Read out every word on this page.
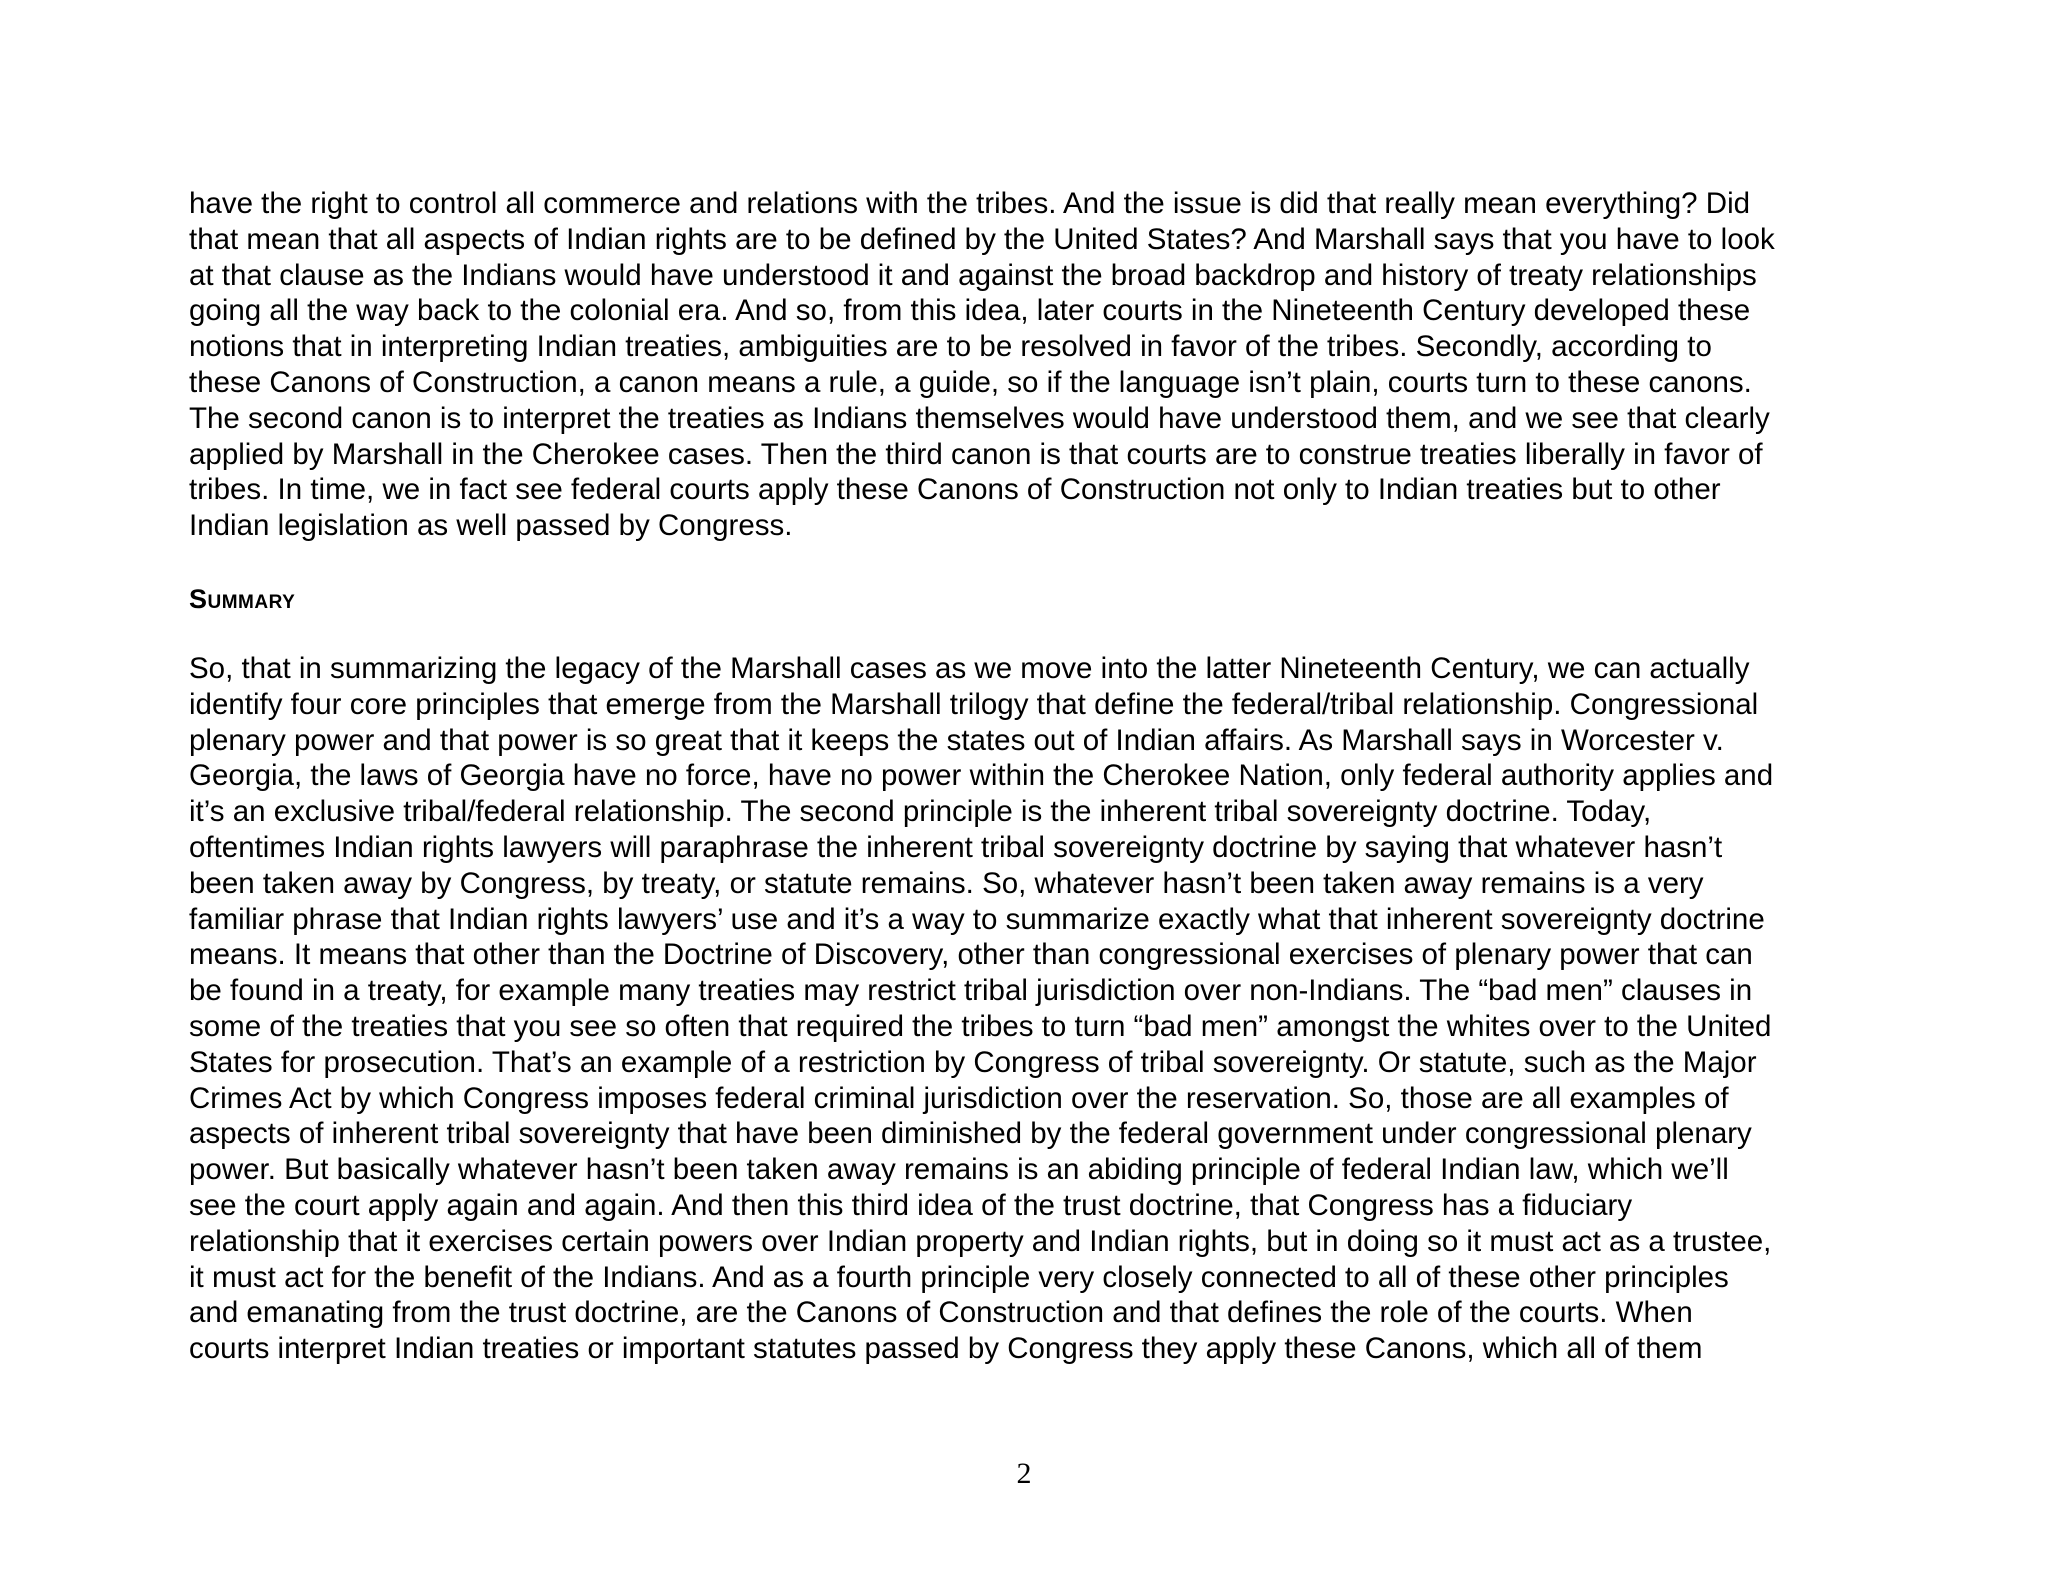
have the right to control all commerce and relations with the tribes. And the issue is did that really mean everything? Did
that mean that all aspects of Indian rights are to be defined by the United States? And Marshall says that you have to look
at that clause as the Indians would have understood it and against the broad backdrop and history of treaty relationships
going all the way back to the colonial era. And so, from this idea, later courts in the Nineteenth Century developed these
notions that in interpreting Indian treaties, ambiguities are to be resolved in favor of the tribes. Secondly, according to
these Canons of Construction, a canon means a rule, a guide, so if the language isn’t plain, courts turn to these canons.
The second canon is to interpret the treaties as Indians themselves would have understood them, and we see that clearly
applied by Marshall in the Cherokee cases. Then the third canon is that courts are to construe treaties liberally in favor of
tribes. In time, we in fact see federal courts apply these Canons of Construction not only to Indian treaties but to other
Indian legislation as well passed by Congress.

Summary

So, that in summarizing the legacy of the Marshall cases as we move into the latter Nineteenth Century, we can actually
identify four core principles that emerge from the Marshall trilogy that define the federal/tribal relationship. Congressional
plenary power and that power is so great that it keeps the states out of Indian affairs. As Marshall says in Worcester v.
Georgia, the laws of Georgia have no force, have no power within the Cherokee Nation, only federal authority applies and
it’s an exclusive tribal/federal relationship. The second principle is the inherent tribal sovereignty doctrine. Today,
oftentimes Indian rights lawyers will paraphrase the inherent tribal sovereignty doctrine by saying that whatever hasn’t
been taken away by Congress, by treaty, or statute remains. So, whatever hasn’t been taken away remains is a very
familiar phrase that Indian rights lawyers’ use and it’s a way to summarize exactly what that inherent sovereignty doctrine
means. It means that other than the Doctrine of Discovery, other than congressional exercises of plenary power that can
be found in a treaty, for example many treaties may restrict tribal jurisdiction over non-Indians. The “bad men” clauses in
some of the treaties that you see so often that required the tribes to turn “bad men” amongst the whites over to the United
States for prosecution. That’s an example of a restriction by Congress of tribal sovereignty. Or statute, such as the Major
Crimes Act by which Congress imposes federal criminal jurisdiction over the reservation. So, those are all examples of
aspects of inherent tribal sovereignty that have been diminished by the federal government under congressional plenary
power. But basically whatever hasn’t been taken away remains is an abiding principle of federal Indian law, which we’ll
see the court apply again and again. And then this third idea of the trust doctrine, that Congress has a fiduciary
relationship that it exercises certain powers over Indian property and Indian rights, but in doing so it must act as a trustee,
it must act for the benefit of the Indians. And as a fourth principle very closely connected to all of these other principles
and emanating from the trust doctrine, are the Canons of Construction and that defines the role of the courts. When
courts interpret Indian treaties or important statutes passed by Congress they apply these Canons, which all of them

2
